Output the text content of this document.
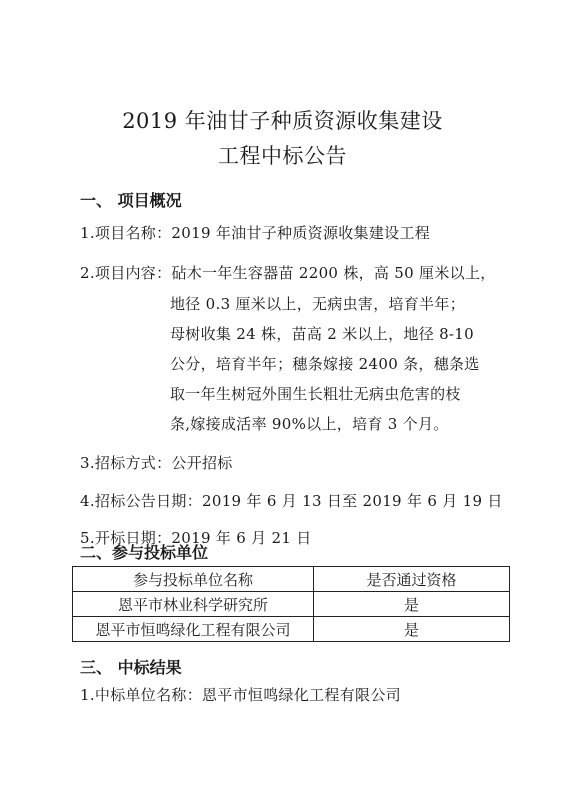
2019 年油甘子种质资源收集建设
工程中标公告
一、 项目概况
1.项目名称：2019 年油甘子种质资源收集建设工程
2.项目内容：砧木一年生容器苗 2200 株，高 50 厘米以上，
地径 0.3 厘米以上，无病虫害，培育半年；
母树收集 24 株，苗高 2 米以上，地径 8-10
公分，培育半年；穗条嫁接 2400 条，穗条选
取一年生树冠外围生长粗壮无病虫危害的枝
条,嫁接成活率 90%以上，培育 3 个月。
3.招标方式：公开招标
4.招标公告日期：2019 年 6 月 13 日至 2019 年 6 月 19 日
5.开标日期：2019 年 6 月 21 日
二、参与投标单位
参与投标单位名称	是否通过资格
恩平市林业科学研究所	是
恩平市恒鸣绿化工程有限公司	是
三、 中标结果
1.中标单位名称：恩平市恒鸣绿化工程有限公司
